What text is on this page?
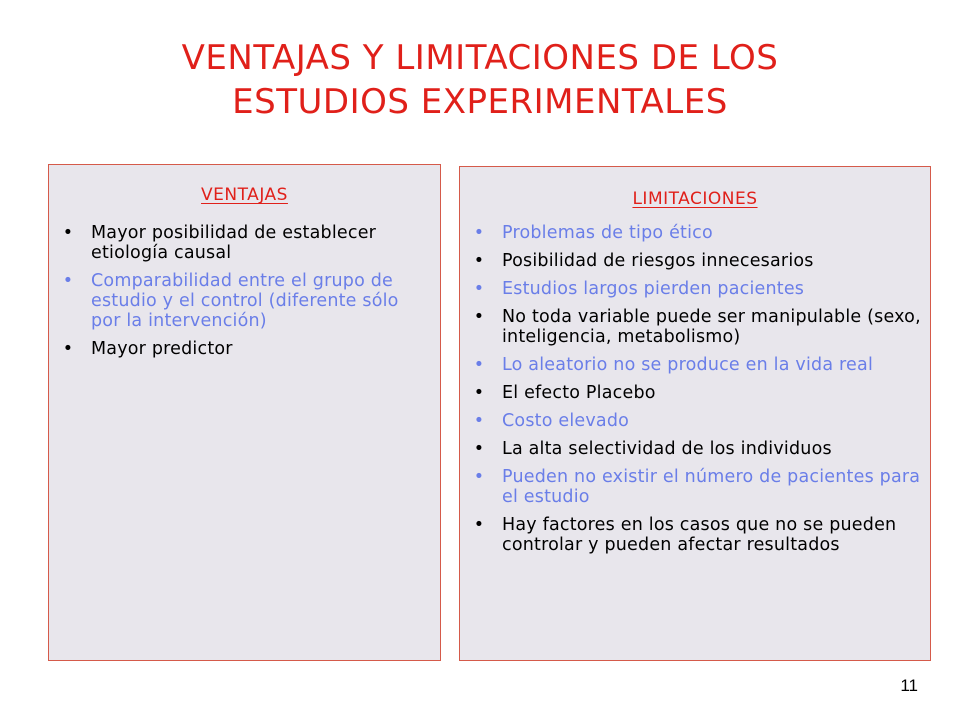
VENTAJAS Y LIMITACIONES DE LOS
ESTUDIOS EXPERIMENTALES
VENTAJAS
• Mayor posibilidad de establecer etiología causal
• Comparabilidad entre el grupo de estudio y el control (diferente sólo por la intervención)
• Mayor predictor
LIMITACIONES
• Problemas de tipo ético
• Posibilidad de riesgos innecesarios
• Estudios largos pierden pacientes
• No toda variable puede ser manipulable (sexo, inteligencia, metabolismo)
• Lo aleatorio no se produce en la vida real
• El efecto Placebo
• Costo elevado
• La alta selectividad de los individuos
• Pueden no existir el número de pacientes para el estudio
• Hay factores en los casos que no se pueden controlar y pueden afectar resultados
11
